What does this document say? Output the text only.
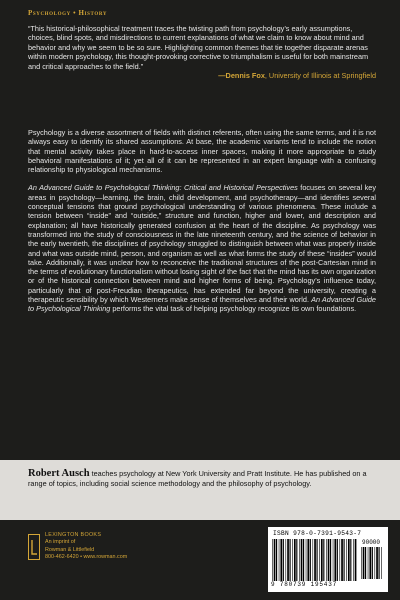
Psychology • History
“This historical-philosophical treatment traces the twisting path from psychology’s early assumptions, choices, blind spots, and misdirections to current explanations of what we claim to know about mind and behavior and why we seem to be so sure. Highlighting common themes that tie together disparate arenas within modern psychology, this thought-provoking corrective to triumphalism is useful for both mainstream and critical approaches to the field.”
—Dennis Fox, University of Illinois at Springfield

Psychology is a diverse assortment of fields with distinct referents, often using the same terms, and it is not always easy to identify its shared assumptions. At base, the academic variants tend to include the notion that mental activity takes place in hard-to-access inner spaces, making it more appropriate to study behavioral manifestations of it; yet all of it can be represented in an expert language with a confusing relationship to physiological mechanisms.

An Advanced Guide to Psychological Thinking: Critical and Historical Perspectives focuses on several key areas in psychology—learning, the brain, child development, and psychotherapy—and identifies several conceptual tensions that ground psychological understanding of various phenomena. These include a tension between “inside” and “outside,” structure and function, higher and lower, and description and explanation; all have historically generated confusion at the heart of the discipline. As psychology was transformed into the study of consciousness in the late nineteenth century, and the science of behavior in the early twentieth, the disciplines of psychology struggled to distinguish between what was properly inside and what was outside mind, person, and organism as well as what forms the study of these “insides” would take. Additionally, it was unclear how to reconceive the traditional structures of the post-Cartesian mind in the terms of evolutionary functionalism without losing sight of the fact that the mind has its own organization or of the historical connection between mind and higher forms of being. Psychology’s influence today, particularly that of post-Freudian therapeutics, has extended far beyond the university, creating a therapeutic sensibility by which Westerners make sense of themselves and their world. An Advanced Guide to Psychological Thinking performs the vital task of helping psychology recognize its own foundations.

Robert Ausch teaches psychology at New York University and Pratt Institute. He has published on a range of topics, including social science methodology and the philosophy of psychology.
LEXINGTON BOOKS
An imprint of
Rowman & Littlefield
800-462-6420 • www.rowman.com
ISBN 978-0-7391-9543-7
90000
9 780739 195437
